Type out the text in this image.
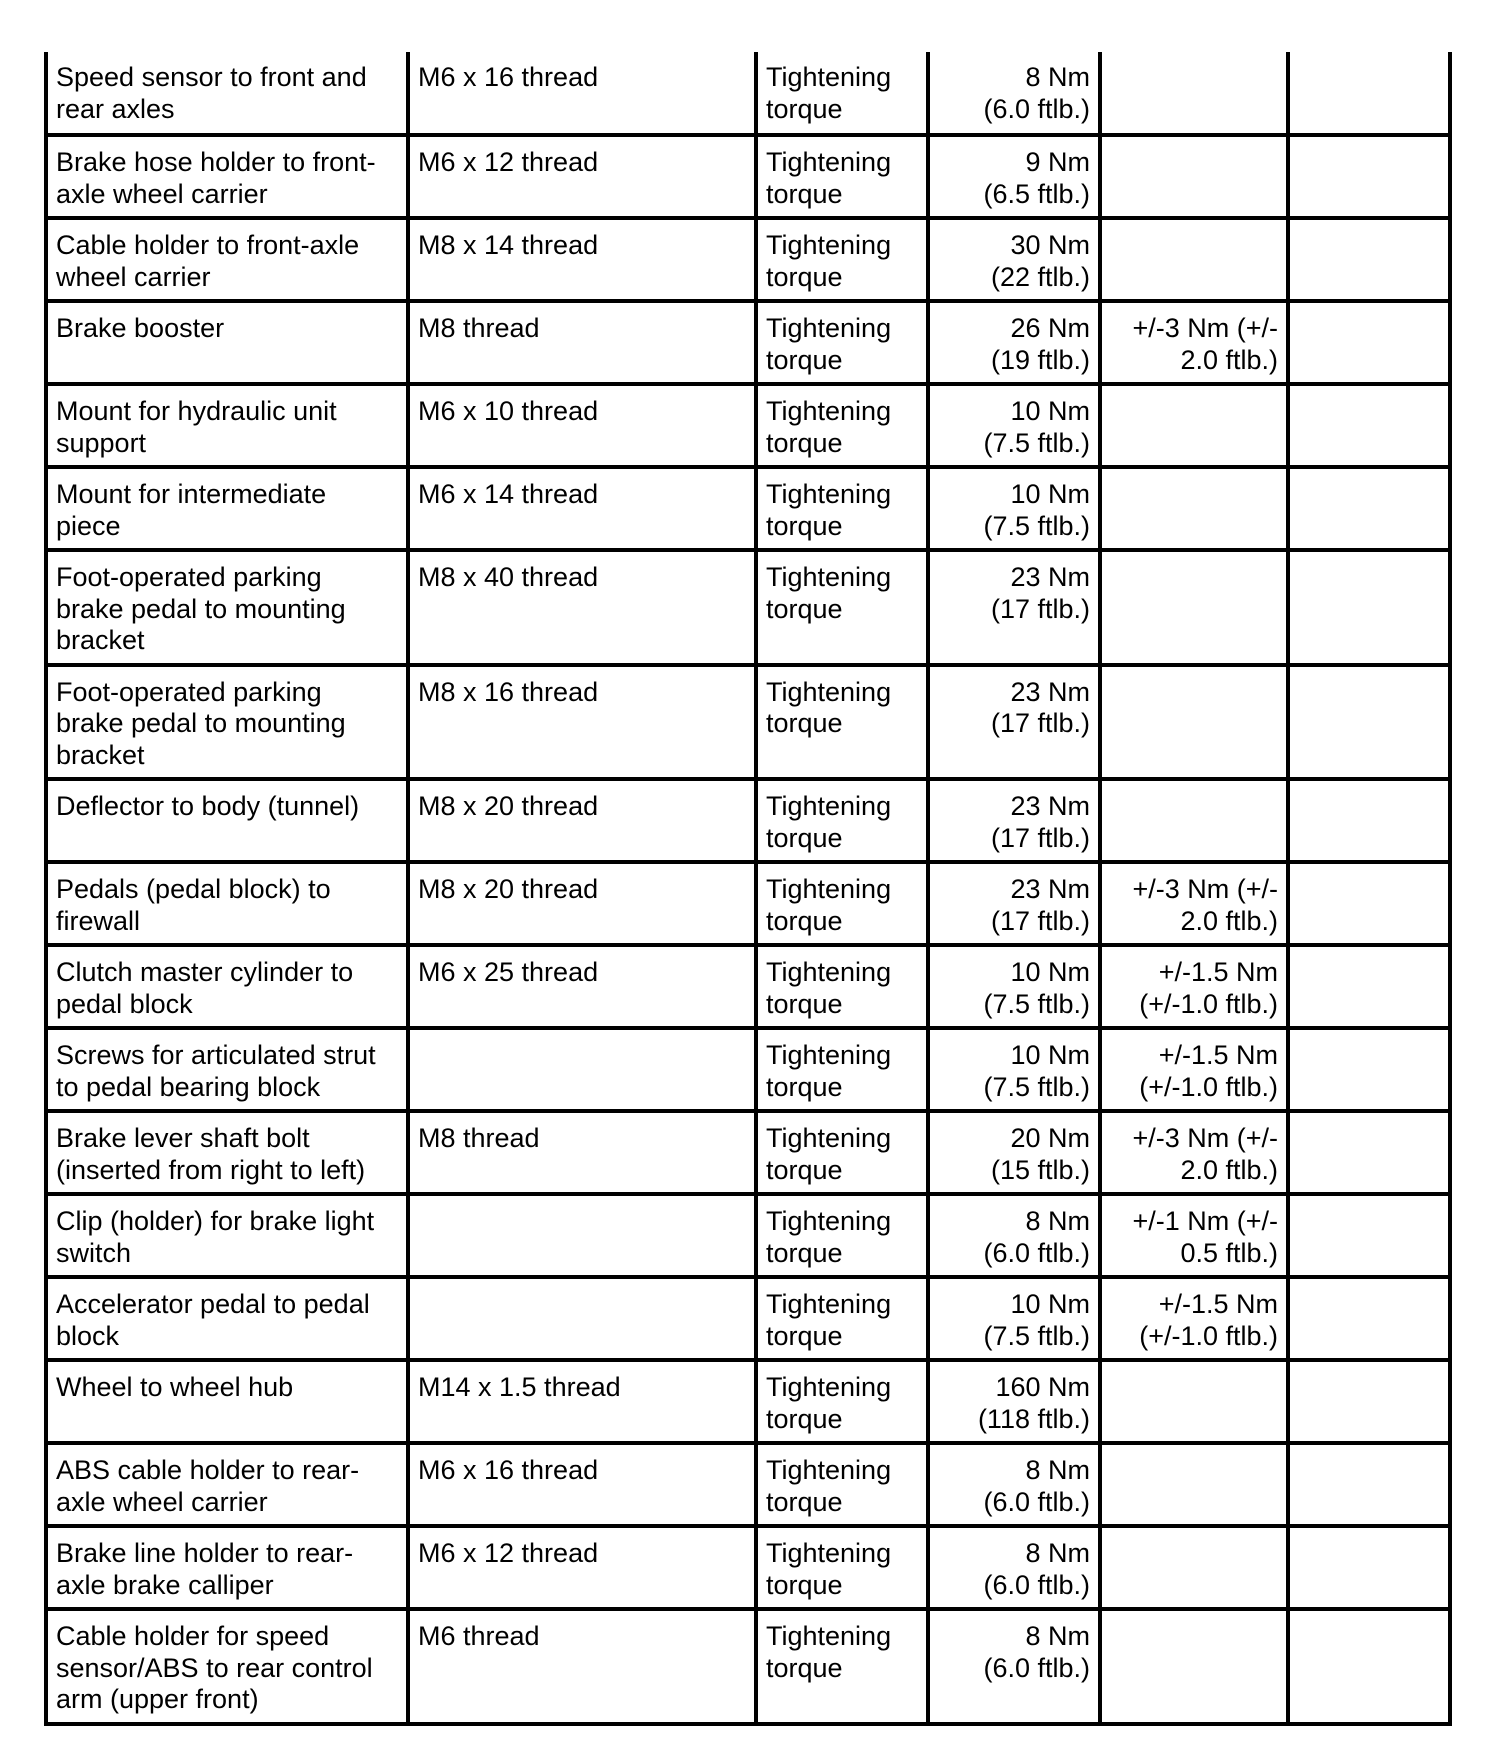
Speed sensor to front and
rear axles	M6 x 16 thread	Tightening
torque	8 Nm
(6.0 ftlb.)		

Brake hose holder to front-
axle wheel carrier	M6 x 12 thread	Tightening
torque	9 Nm
(6.5 ftlb.)		

Cable holder to front-axle
wheel carrier	M8 x 14 thread	Tightening
torque	30 Nm
(22 ftlb.)		

Brake booster	M8 thread	Tightening
torque	26 Nm
(19 ftlb.)	+/-3 Nm (+/-
2.0 ftlb.)	

Mount for hydraulic unit
support	M6 x 10 thread	Tightening
torque	10 Nm
(7.5 ftlb.)		

Mount for intermediate
piece	M6 x 14 thread	Tightening
torque	10 Nm
(7.5 ftlb.)		

Foot-operated parking
brake pedal to mounting
bracket	M8 x 40 thread	Tightening
torque	23 Nm
(17 ftlb.)		

Foot-operated parking
brake pedal to mounting
bracket	M8 x 16 thread	Tightening
torque	23 Nm
(17 ftlb.)		

Deflector to body (tunnel)	M8 x 20 thread	Tightening
torque	23 Nm
(17 ftlb.)		

Pedals (pedal block) to
firewall	M8 x 20 thread	Tightening
torque	23 Nm
(17 ftlb.)	+/-3 Nm (+/-
2.0 ftlb.)	

Clutch master cylinder to
pedal block	M6 x 25 thread	Tightening
torque	10 Nm
(7.5 ftlb.)	+/-1.5 Nm
(+/-1.0 ftlb.)	

Screws for articulated strut
to pedal bearing block		Tightening
torque	10 Nm
(7.5 ftlb.)	+/-1.5 Nm
(+/-1.0 ftlb.)	

Brake lever shaft bolt
(inserted from right to left)	M8 thread	Tightening
torque	20 Nm
(15 ftlb.)	+/-3 Nm (+/-
2.0 ftlb.)	

Clip (holder) for brake light
switch		Tightening
torque	8 Nm
(6.0 ftlb.)	+/-1 Nm (+/-
0.5 ftlb.)	

Accelerator pedal to pedal
block		Tightening
torque	10 Nm
(7.5 ftlb.)	+/-1.5 Nm
(+/-1.0 ftlb.)	

Wheel to wheel hub	M14 x 1.5 thread	Tightening
torque	160 Nm
(118 ftlb.)		

ABS cable holder to rear-
axle wheel carrier	M6 x 16 thread	Tightening
torque	8 Nm
(6.0 ftlb.)		

Brake line holder to rear-
axle brake calliper	M6 x 12 thread	Tightening
torque	8 Nm
(6.0 ftlb.)		

Cable holder for speed
sensor/ABS to rear control
arm (upper front)	M6 thread	Tightening
torque	8 Nm
(6.0 ftlb.)		
